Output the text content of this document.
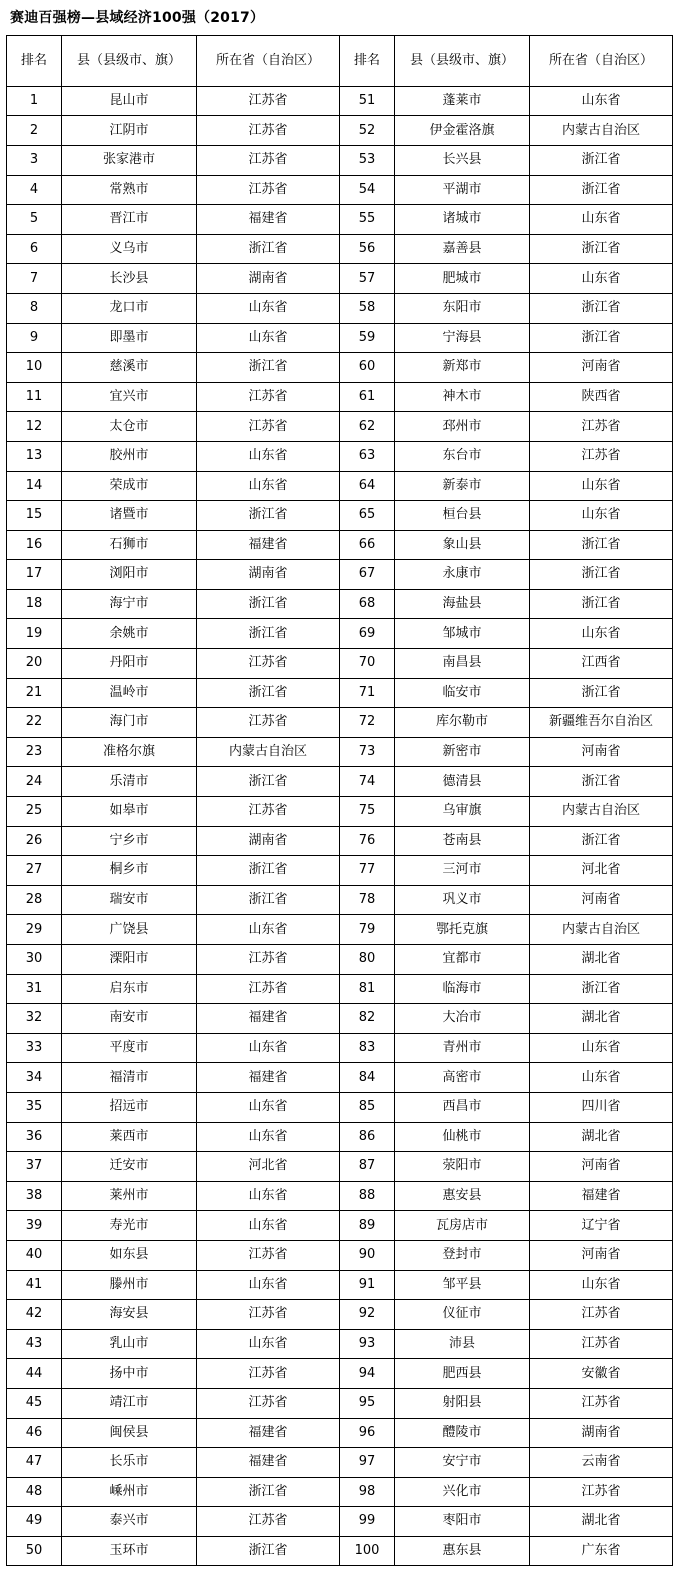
赛迪百强榜—县域经济100强（2017）
排名	县（县级市、旗）	所在省（自治区）	排名	县（县级市、旗）	所在省（自治区）
1	昆山市	江苏省	51	蓬莱市	山东省
2	江阴市	江苏省	52	伊金霍洛旗	内蒙古自治区
3	张家港市	江苏省	53	长兴县	浙江省
4	常熟市	江苏省	54	平湖市	浙江省
5	晋江市	福建省	55	诸城市	山东省
6	义乌市	浙江省	56	嘉善县	浙江省
7	长沙县	湖南省	57	肥城市	山东省
8	龙口市	山东省	58	东阳市	浙江省
9	即墨市	山东省	59	宁海县	浙江省
10	慈溪市	浙江省	60	新郑市	河南省
11	宜兴市	江苏省	61	神木市	陕西省
12	太仓市	江苏省	62	邳州市	江苏省
13	胶州市	山东省	63	东台市	江苏省
14	荣成市	山东省	64	新泰市	山东省
15	诸暨市	浙江省	65	桓台县	山东省
16	石狮市	福建省	66	象山县	浙江省
17	浏阳市	湖南省	67	永康市	浙江省
18	海宁市	浙江省	68	海盐县	浙江省
19	余姚市	浙江省	69	邹城市	山东省
20	丹阳市	江苏省	70	南昌县	江西省
21	温岭市	浙江省	71	临安市	浙江省
22	海门市	江苏省	72	库尔勒市	新疆维吾尔自治区
23	准格尔旗	内蒙古自治区	73	新密市	河南省
24	乐清市	浙江省	74	德清县	浙江省
25	如皋市	江苏省	75	乌审旗	内蒙古自治区
26	宁乡市	湖南省	76	苍南县	浙江省
27	桐乡市	浙江省	77	三河市	河北省
28	瑞安市	浙江省	78	巩义市	河南省
29	广饶县	山东省	79	鄂托克旗	内蒙古自治区
30	溧阳市	江苏省	80	宜都市	湖北省
31	启东市	江苏省	81	临海市	浙江省
32	南安市	福建省	82	大冶市	湖北省
33	平度市	山东省	83	青州市	山东省
34	福清市	福建省	84	高密市	山东省
35	招远市	山东省	85	西昌市	四川省
36	莱西市	山东省	86	仙桃市	湖北省
37	迁安市	河北省	87	荥阳市	河南省
38	莱州市	山东省	88	惠安县	福建省
39	寿光市	山东省	89	瓦房店市	辽宁省
40	如东县	江苏省	90	登封市	河南省
41	滕州市	山东省	91	邹平县	山东省
42	海安县	江苏省	92	仪征市	江苏省
43	乳山市	山东省	93	沛县	江苏省
44	扬中市	江苏省	94	肥西县	安徽省
45	靖江市	江苏省	95	射阳县	江苏省
46	闽侯县	福建省	96	醴陵市	湖南省
47	长乐市	福建省	97	安宁市	云南省
48	嵊州市	浙江省	98	兴化市	江苏省
49	泰兴市	江苏省	99	枣阳市	湖北省
50	玉环市	浙江省	100	惠东县	广东省
